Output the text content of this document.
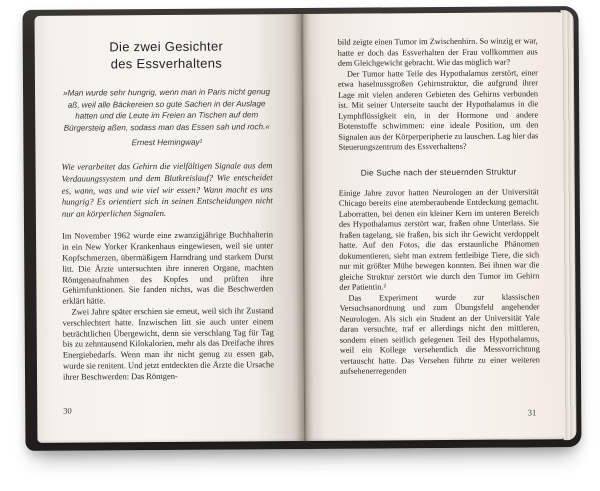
Die zwei Gesichter
des Essverhaltens
»Man wurde sehr hungrig, wenn man in Paris nicht genug aß, weil alle Bäckereien so gute Sachen in der Auslage hatten und die Leute im Freien an Tischen auf dem Bürgersteig aßen, sodass man das Essen sah und roch.«
Ernest Hemingway¹
Wie verarbeitet das Gehirn die vielfältigen Signale aus dem Verdauungssystem und dem Blutkreislauf? Wie entscheidet es, wann, was und wie viel wir essen? Wann macht es uns hungrig? Es orientiert sich in seinen Entscheidungen nicht nur an körperlichen Signalen.

Im November 1962 wurde eine zwanzigjährige Buchhalterin in ein New Yorker Krankenhaus eingewiesen, weil sie unter Kopfschmerzen, übermäßigem Harndrang und starkem Durst litt. Die Ärzte untersuchten ihre inneren Organe, machten Röntgenaufnahmen des Kopfes und prüften ihre Gehirnfunktionen. Sie fanden nichts, was die Beschwerden erklärt hätte.

Zwei Jahre später erschien sie erneut, weil sich ihr Zustand verschlechtert hatte. Inzwischen litt sie auch unter einem beträchtlichen Übergewicht, denn sie verschlang Tag für Tag bis zu zehntausend Kilokalorien, mehr als das Dreifache ihres Energiebedarfs. Wenn man ihr nicht genug zu essen gab, wurde sie renitent. Und jetzt entdeckten die Ärzte die Ursache ihrer Beschwerden: Das Röntgen-

30

bild zeigte einen Tumor im Zwischenhirn. So winzig er war, hatte er doch das Essverhalten der Frau vollkommen aus dem Gleichgewicht gebracht. Wie das möglich war?

Der Tumor hatte Teile des Hypothalamus zerstört, einer etwa haselnussgroßen Gehirnstruktur, die aufgrund ihrer Lage mit vielen anderen Gebieten des Gehirns verbunden ist. Mit seiner Unterseite taucht der Hypothalamus in die Lymphflüssigkeit ein, in der Hormone und andere Botenstoffe schwimmen: eine ideale Position, um den Signalen aus der Körperperipherie zu lauschen. Lag hier das Steuerungszentrum des Essverhaltens?

Die Suche nach der steuernden Struktur

Einige Jahre zuvor hatten Neurologen an der Universität Chicago bereits eine atemberaubende Entdeckung gemacht. Laborratten, bei denen ein kleiner Kern im unteren Bereich des Hypothalamus zerstört war, fraßen ohne Unterlass. Sie fraßen tagelang, sie fraßen, bis sich ihr Gewicht verdoppelt hatte. Auf den Fotos, die das erstaunliche Phänomen dokumentieren, sieht man extrem fettleibige Tiere, die sich nur mit größter Mühe bewegen konnten. Bei ihnen war die gleiche Struktur zerstört wie durch den Tumor im Gehirn der Patientin.²

Das Experiment wurde zur klassischen Versuchsanordnung und zum Übungsfeld angehender Neurologen. Als sich ein Student an der Universität Yale daran versuchte, traf er allerdings nicht den mittleren, sondern einen seitlich gelegenen Teil des Hypothalamus, weil ein Kollege versehentlich die Messvorrichtung vertauscht hatte. Das Versehen führte zu einer weiteren aufsehenerregenden

31
